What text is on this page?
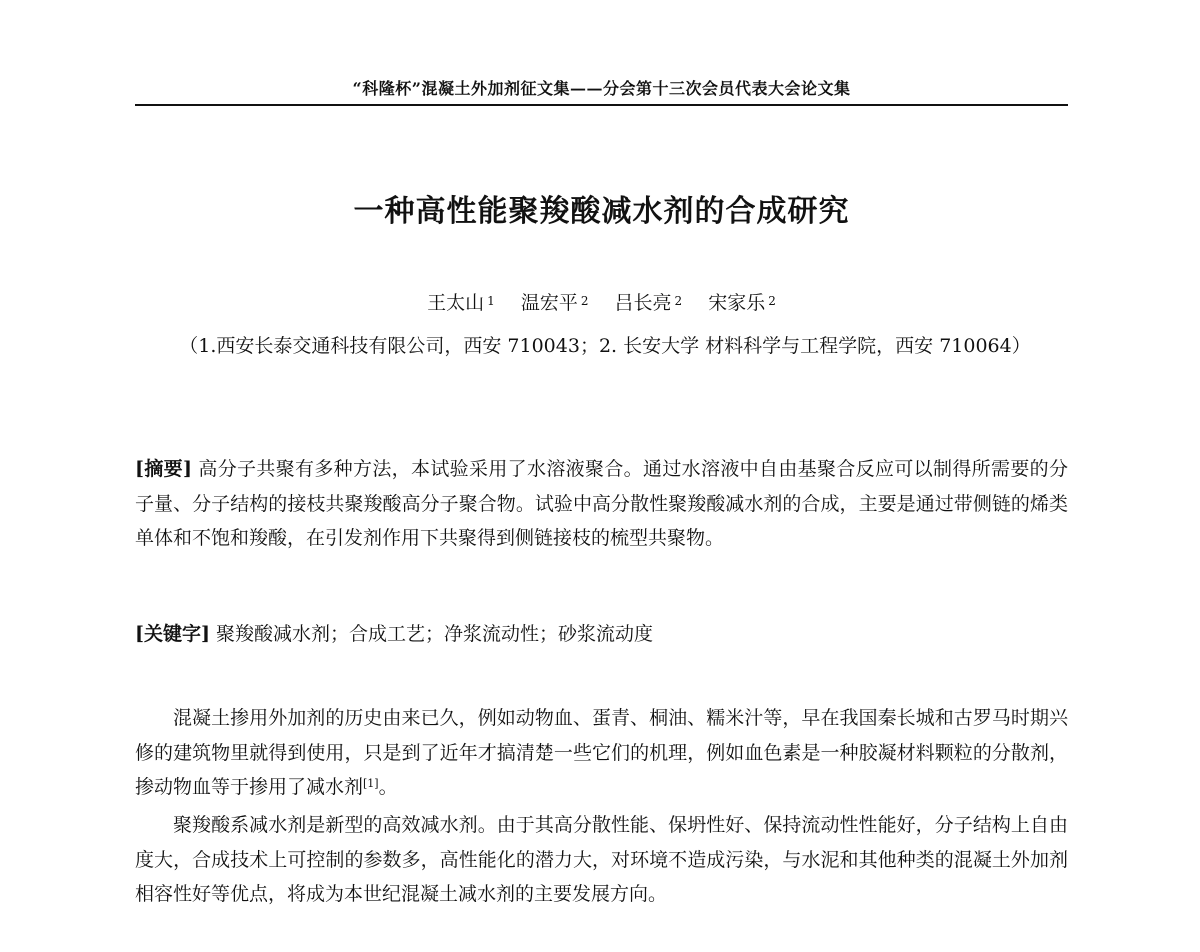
“科隆杯”混凝土外加剂征文集——分会第十三次会员代表大会论文集
一种高性能聚羧酸减水剂的合成研究
王太山 $^1$ 温宏平 $^2$ 吕长亮 $^2$ 宋家乐 $^2$
（1.西安长泰交通科技有限公司，西安 710043；2. 长安大学 材料科学与工程学院，西安 710064）
[摘要] 高分子共聚有多种方法，本试验采用了水溶液聚合。通过水溶液中自由基聚合反应可以制得所需要的分子量、分子结构的接枝共聚羧酸高分子聚合物。试验中高分散性聚羧酸减水剂的合成，主要是通过带侧链的烯类单体和不饱和羧酸，在引发剂作用下共聚得到侧链接枝的梳型共聚物。
[关键字] 聚羧酸减水剂；合成工艺；净浆流动性；砂浆流动度
混凝土掺用外加剂的历史由来已久，例如动物血、蛋青、桐油、糯米汁等，早在我国秦长城和古罗马时期兴修的建筑物里就得到使用，只是到了近年才搞清楚一些它们的机理，例如血色素是一种胶凝材料颗粒的分散剂，掺动物血等于掺用了减水剂[1]。
聚羧酸系减水剂是新型的高效减水剂。由于其高分散性能、保坍性好、保持流动性性能好，分子结构上自由度大，合成技术上可控制的参数多，高性能化的潜力大，对环境不造成污染，与水泥和其他种类的混凝土外加剂相容性好等优点，将成为本世纪混凝土减水剂的主要发展方向。
